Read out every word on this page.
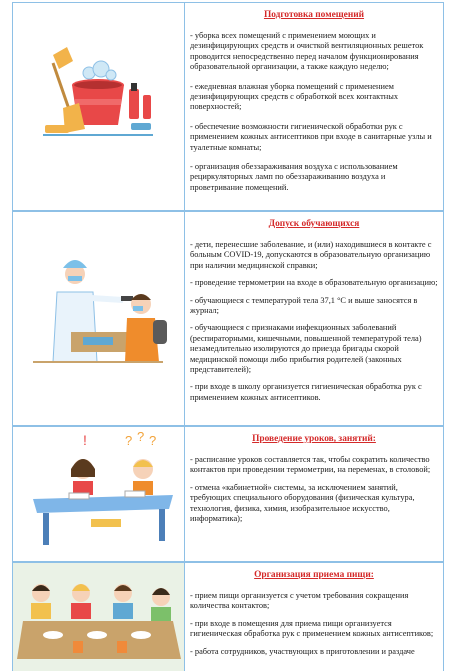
Подготовка помещений
- уборка всех помещений с применением моющих и дезинфицирующих средств и очисткой вентиляционных решеток проводится непосредственно перед началом функционирования образовательной организации, а также каждую неделю;
- ежедневная влажная уборка помещений с применением дезинфицирующих средств с обработкой всех контактных поверхностей;
- обеспечение возможности гигиенической обработки рук с применением кожных антисептиков при входе в санитарные узлы и туалетные комнаты;
- организация обеззараживания воздуха с использованием рециркуляторных ламп по обеззараживанию воздуха и проветривание помещений.
Допуск обучающихся
- дети, перенесшие заболевание, и (или) находившиеся в контакте с больным COVID-19, допускаются в образовательную организацию при наличии медицинской справки;
- проведение термометрии на входе в образовательную организацию;
- обучающиеся с температурой тела 37,1 °С и выше заносятся в журнал;
- обучающиеся с признаками инфекционных заболеваний (респираторными, кишечными, повышенной температурой тела) незамедлительно изолируются до приезда бригады скорой медицинской помощи либо прибытия родителей (законных представителей);
- при входе в школу организуется гигиеническая обработка рук с применением кожных антисептиков.
!	? ? ?	Проведение уроков, занятий:
- расписание уроков составляется так, чтобы сократить количество контактов при проведении термометрии, на переменах, в столовой;
- отмена «кабинетной» системы, за исключением занятий, требующих специального оборудования (физическая культура, технология, физика, химия, изобразительное искусство, информатика);
Организация приема пищи:
- прием пищи организуется с учетом требования сокращения количества контактов;
- при входе в помещения для приема пищи организуется гигиеническая обработка рук с применением кожных антисептиков;
- работа сотрудников, участвующих в приготовлении и раздаче
